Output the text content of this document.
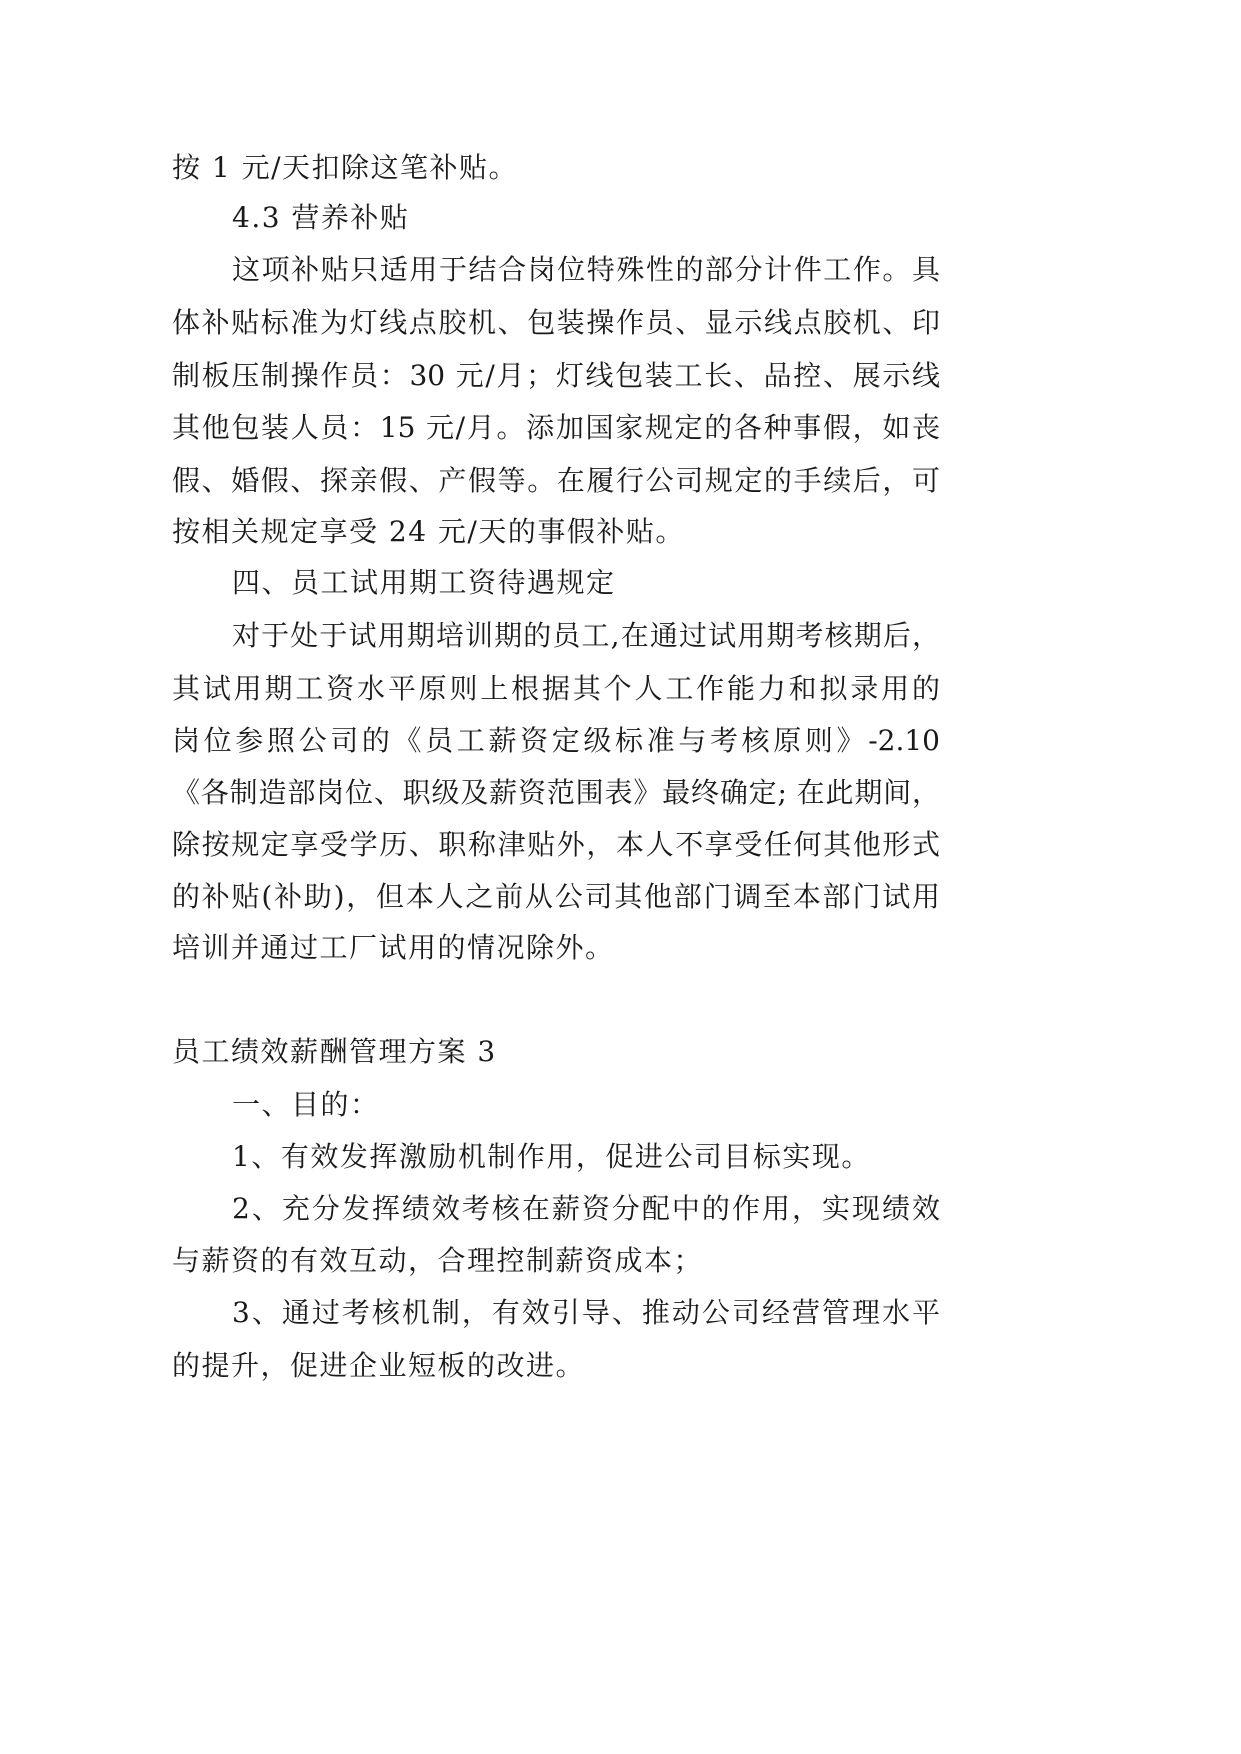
按 1 元/天扣除这笔补贴。
4.3 营养补贴
这项补贴只适用于结合岗位特殊性的部分计件工作。具
体补贴标准为灯线点胶机、包装操作员、显示线点胶机、印
制板压制操作员：30 元/月；灯线包装工长、品控、展示线
其他包装人员：15 元/月。添加国家规定的各种事假，如丧
假、婚假、探亲假、产假等。在履行公司规定的手续后，可
按相关规定享受 24 元/天的事假补贴。
四、员工试用期工资待遇规定
对于处于试用期培训期的员工,在通过试用期考核期后，
其试用期工资水平原则上根据其个人工作能力和拟录用的
岗位参照公司的《员工薪资定级标准与考核原则》-2.10
《各制造部岗位、职级及薪资范围表》最终确定; 在此期间，
除按规定享受学历、职称津贴外，本人不享受任何其他形式
的补贴(补助)，但本人之前从公司其他部门调至本部门试用
培训并通过工厂试用的情况除外。
员工绩效薪酬管理方案 3
一、目的：
1、有效发挥激励机制作用，促进公司目标实现。
2、充分发挥绩效考核在薪资分配中的作用，实现绩效
与薪资的有效互动，合理控制薪资成本；
3、通过考核机制，有效引导、推动公司经营管理水平
的提升，促进企业短板的改进。
